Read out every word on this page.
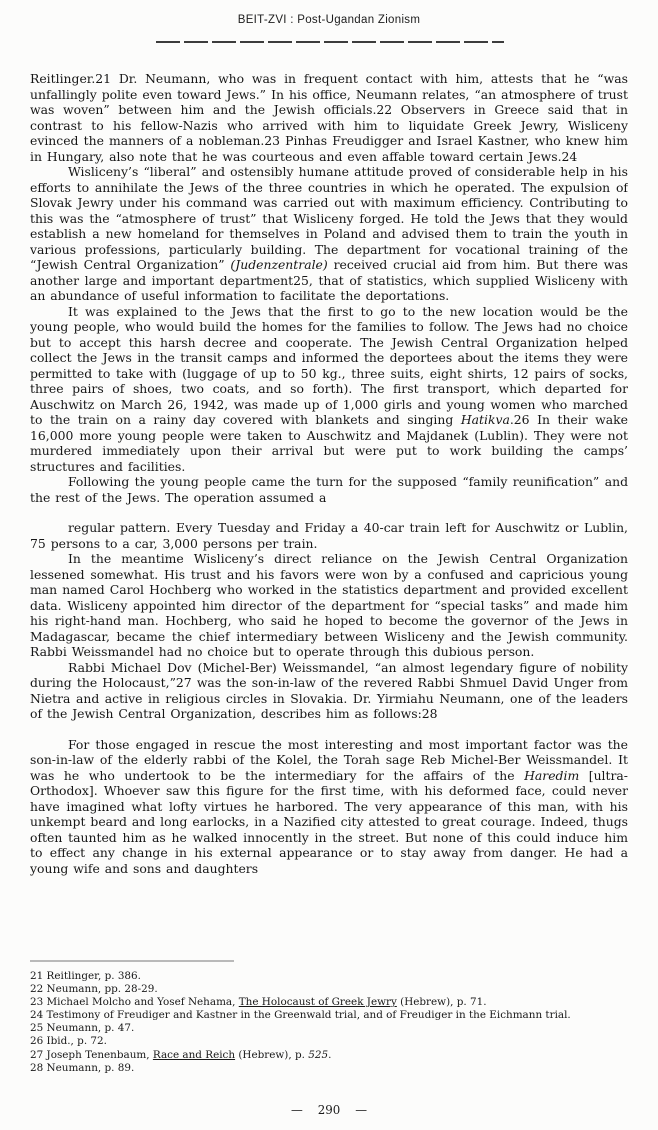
BEIT-ZVI : Post-Ugandan Zionism

Reitlinger.21 Dr. Neumann, who was in frequent contact with him, attests that he “was unfallingly polite even toward Jews.” In his office, Neumann relates, “an atmosphere of trust was woven” between him and the Jewish officials.22 Observers in Greece said that in contrast to his fellow-Nazis who arrived with him to liquidate Greek Jewry, Wisliceny evinced the manners of a nobleman.23 Pinhas Freudigger and Israel Kastner, who knew him in Hungary, also note that he was courteous and even affable toward certain Jews.24

Wisliceny’s “liberal” and ostensibly humane attitude proved of considerable help in his efforts to annihilate the Jews of the three countries in which he operated. The expulsion of Slovak Jewry under his command was carried out with maximum efficiency. Contributing to this was the “atmosphere of trust” that Wisliceny forged. He told the Jews that they would establish a new homeland for themselves in Poland and advised them to train the youth in various professions, particularly building. The department for vocational training of the “Jewish Central Organization” (Judenzentrale) received crucial aid from him. But there was another large and important department25, that of statistics, which supplied Wisliceny with an abundance of useful information to facilitate the deportations.

It was explained to the Jews that the first to go to the new location would be the young people, who would build the homes for the families to follow. The Jews had no choice but to accept this harsh decree and cooperate. The Jewish Central Organization helped collect the Jews in the transit camps and informed the deportees about the items they were permitted to take with (luggage of up to 50 kg., three suits, eight shirts, 12 pairs of socks, three pairs of shoes, two coats, and so forth). The first transport, which departed for Auschwitz on March 26, 1942, was made up of 1,000 girls and young women who marched to the train on a rainy day covered with blankets and singing Hatikva.26 In their wake 16,000 more young people were taken to Auschwitz and Majdanek (Lublin). They were not murdered immediately upon their arrival but were put to work building the camps’ structures and facilities.

Following the young people came the turn for the supposed “family reunification” and the rest of the Jews. The operation assumed a

regular pattern. Every Tuesday and Friday a 40-car train left for Auschwitz or Lublin, 75 persons to a car, 3,000 persons per train.

In the meantime Wisliceny’s direct reliance on the Jewish Central Organization lessened somewhat. His trust and his favors were won by a confused and capricious young man named Carol Hochberg who worked in the statistics department and provided excellent data. Wisliceny appointed him director of the department for “special tasks” and made him his right-hand man. Hochberg, who said he hoped to become the governor of the Jews in Madagascar, became the chief intermediary between Wisliceny and the Jewish community. Rabbi Weissmandel had no choice but to operate through this dubious person.

Rabbi Michael Dov (Michel-Ber) Weissmandel, “an almost legendary figure of nobility during the Holocaust,”27 was the son-in-law of the revered Rabbi Shmuel David Unger from Nietra and active in religious circles in Slovakia. Dr. Yirmiahu Neumann, one of the leaders of the Jewish Central Organization, describes him as follows:28

For those engaged in rescue the most interesting and most important factor was the son-in-law of the elderly rabbi of the Kolel, the Torah sage Reb Michel-Ber Weissmandel. It was he who undertook to be the intermediary for the affairs of the Haredim [ultra-Orthodox]. Whoever saw this figure for the first time, with his deformed face, could never have imagined what lofty virtues he harbored. The very appearance of this man, with his unkempt beard and long earlocks, in a Nazified city attested to great courage. Indeed, thugs often taunted him as he walked innocently in the street. But none of this could induce him to effect any change in his external appearance or to stay away from danger. He had a young wife and sons and daughters

21 Reitlinger, p. 386.

22 Neumann, pp. 28-29.

23 Michael Molcho and Yosef Nehama, The Holocaust of Greek Jewry (Hebrew), p. 71.

24 Testimony of Freudiger and Kastner in the Greenwald trial, and of Freudiger in the Eichmann trial.

25 Neumann, p. 47.

26 Ibid., p. 72.

27 Joseph Tenenbaum, Race and Reich (Hebrew), p. 525.

28 Neumann, p. 89.

— 290 —
